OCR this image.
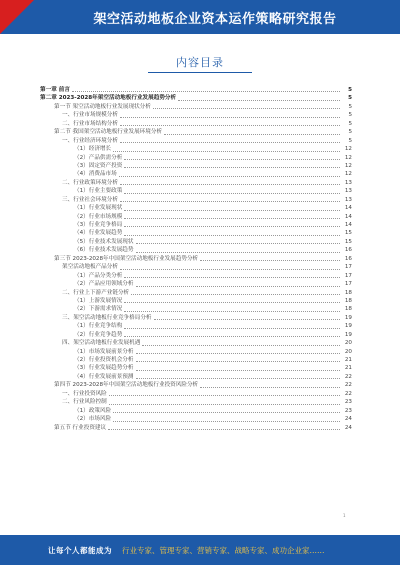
架空活动地板企业资本运作策略研究报告
内容目录
第一章 前言	5
第二章 2023-2028年架空活动地板行业发展趋势分析	5
第一节 架空活动地板行业发展现状分析	5
一、行业市场规模分析	5
二、行业市场结构分析	5
第二节 我国架空活动地板行业发展环境分析	5
一、行业经济环境分析	5
（1）经济增长	12
（2）产品供需分析	12
（3）固定资产投资	12
（4）消费品市场	12
二、行业政策环境分析	13
（1）行业主要政策	13
三、行业社会环境分析	13
（1）行业发展现状	14
（2）行业市场规模	14
（3）行业竞争格局	14
（4）行业发展趋势	15
（5）行业技术发展现状	15
（6）行业技术发展趋势	16
第三节 2023-2028年中国架空活动地板行业发展趋势分析	16
架空活动地板产品分析	17
（1）产品分类分析	17
（2）产品应用领域分析	17
二、行业上下游产业链分析	18
（1）上游发展情况	18
（2）下游需求情况	18
三、架空活动地板行业竞争格局分析	19
（1）行业竞争结构	19
（2）行业竞争趋势	19
四、架空活动地板行业发展机遇	20
（1）市场发展前景分析	20
（2）行业投资机会分析	21
（3）行业发展趋势分析	21
（4）行业发展前景预测	22
第四节 2023-2028年中国架空活动地板行业投资风险分析	22
一、行业投资风险	22
二、行业风险控制	23
（1）政策风险	23
（2）市场风险	24
第五节 行业投资建议	24
1
让每个人都能成为 行业专家、管理专家、营销专家、战略专家、成功企业家……
